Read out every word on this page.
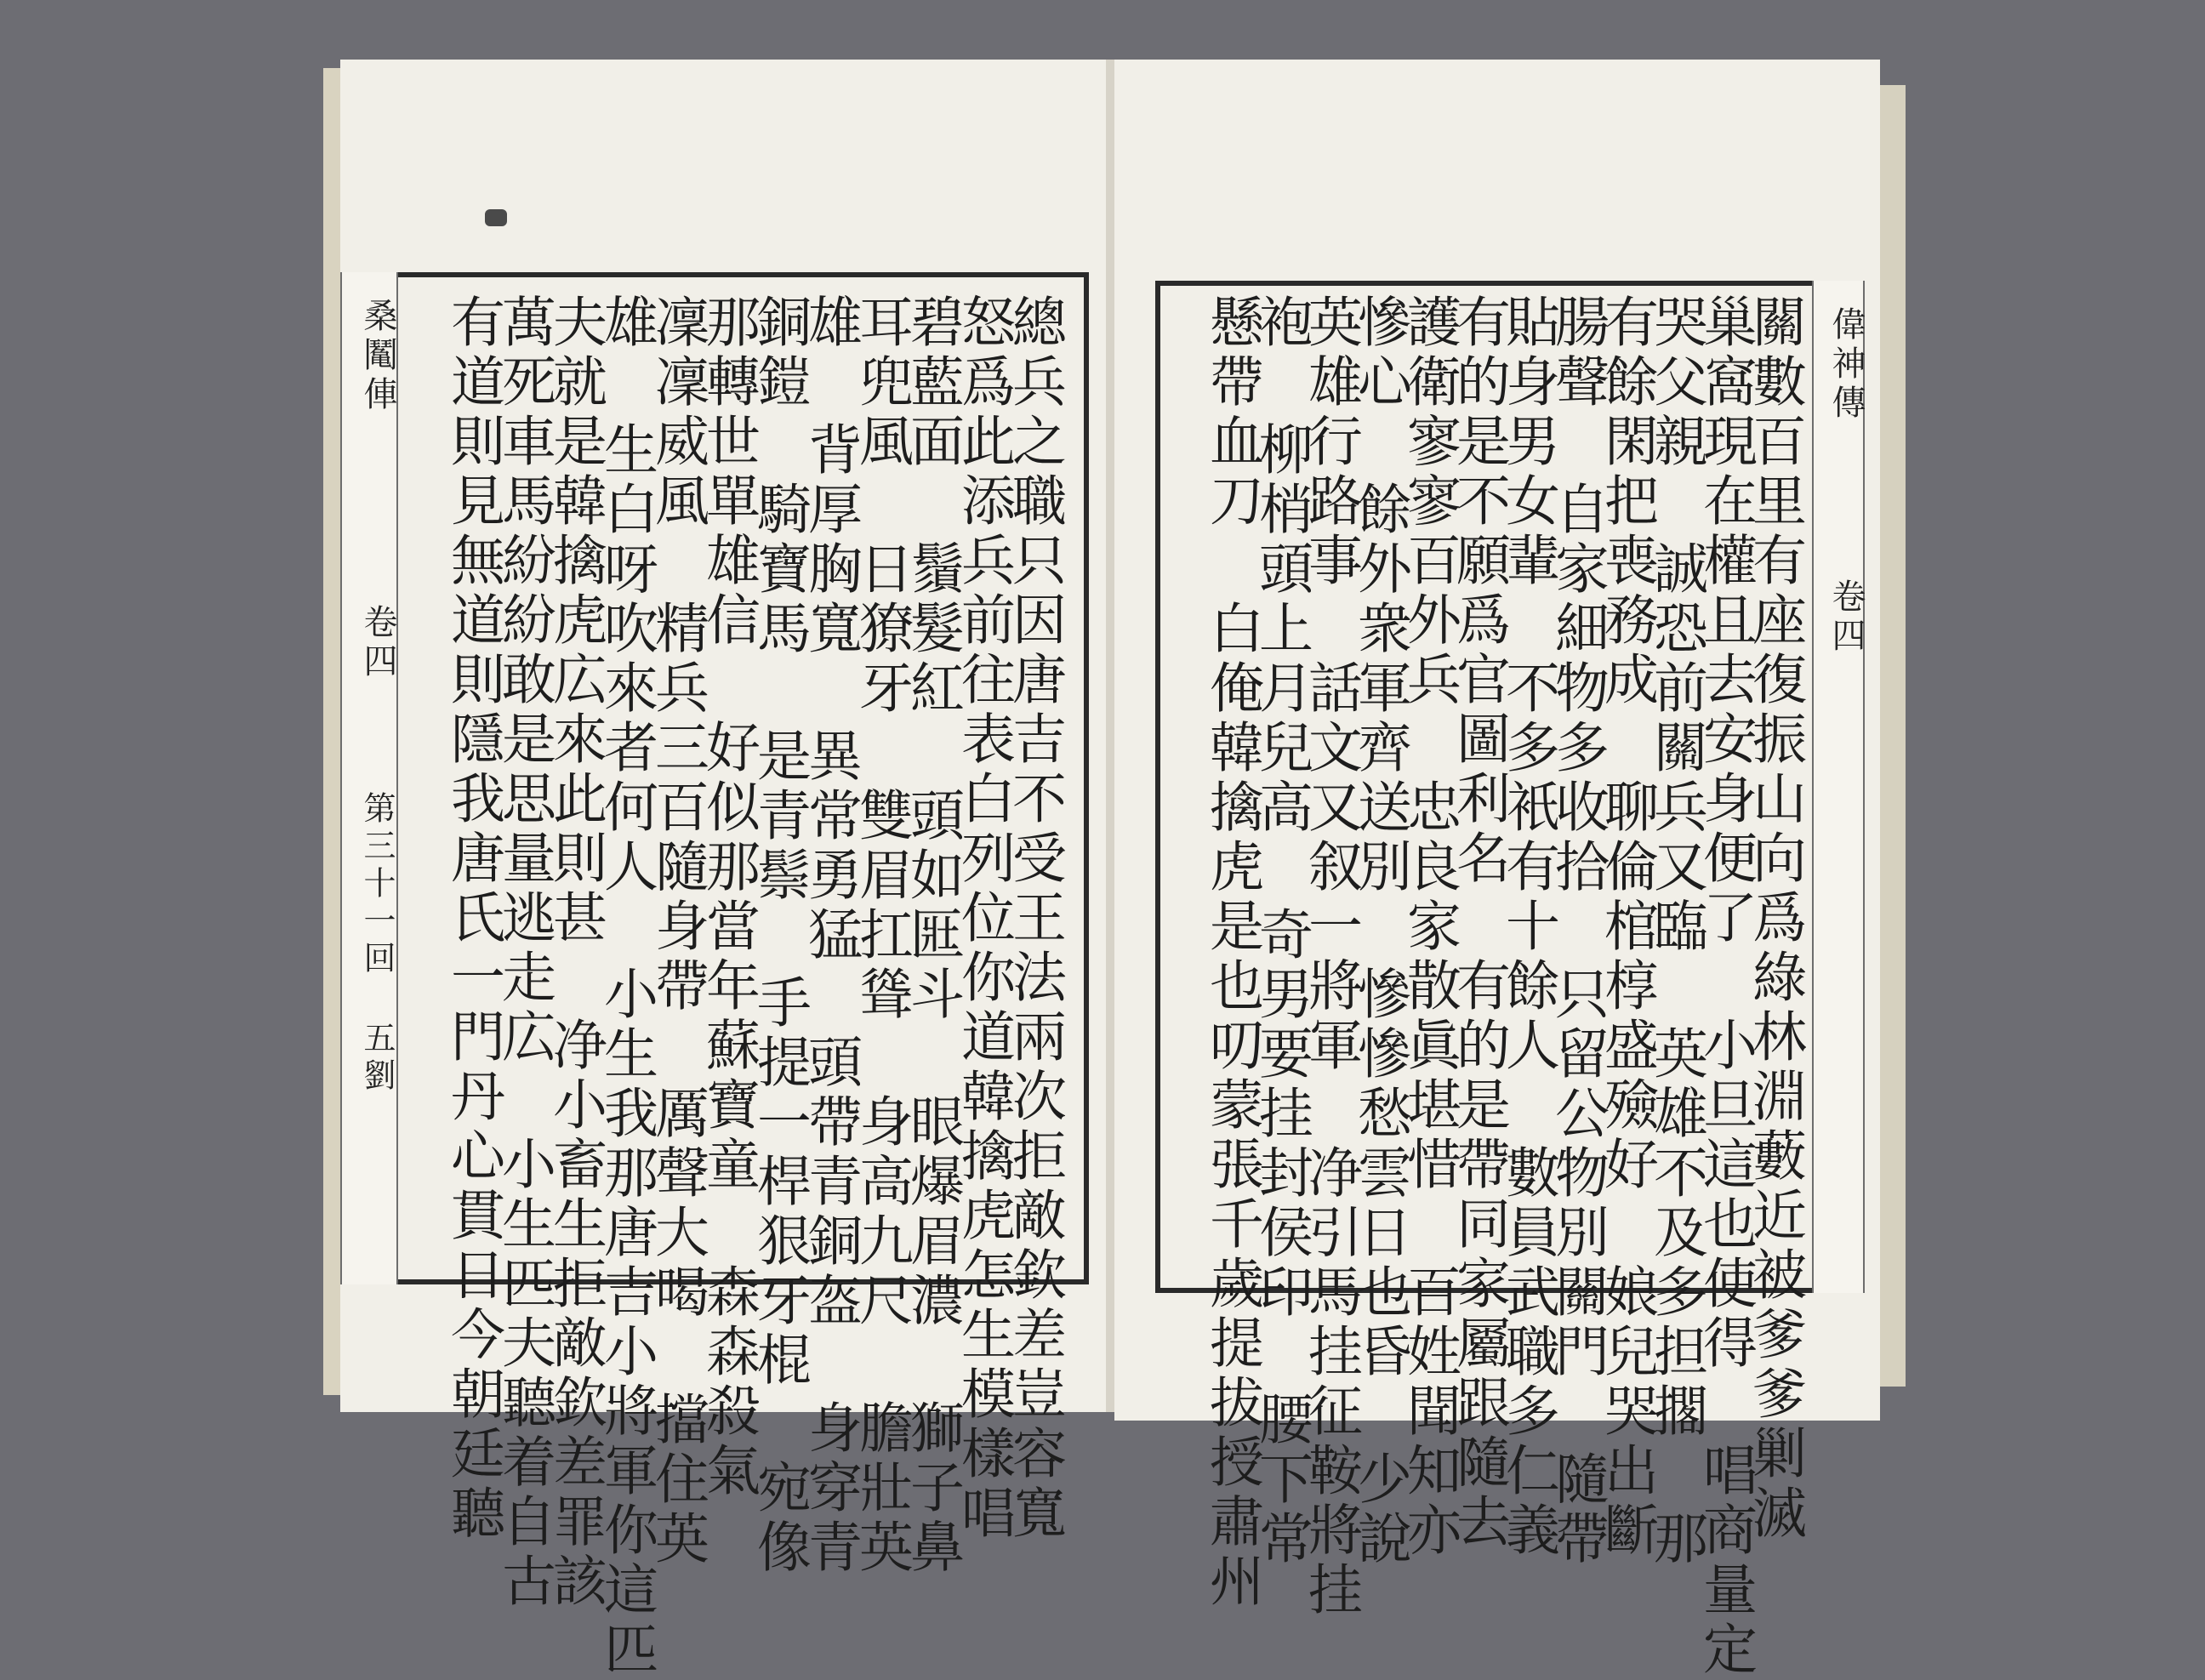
桑䰗俥
卷四
第三十一回 五劉	總兵之職只因唐吉不受王法兩次拒敵欽差豈容寬
怒爲此添兵前往表白列位你道韓擒虎怎生模樣唱
碧藍面 鬚髮紅 頭如匨斗 眼爆眉濃 獅子鼻
耳兜風 日獠牙 雙眉扛聳 身高九尺 膽壯英
雄 背厚胸寬 異常勇猛 頭帶青銅盔 身穿青
銅鎧 騎寶馬 是青鬃 手提一桿狠牙棍 宛像
那轉世單雄信 好似那當年蘇寶童 森森殺氣
凜凜威風 精兵三百隨身帶 厲聲大喝 擋住英
雄 生白呀吹來者何人 小生我那唐吉小將軍你這匹
夫就是韓擒虎広來此則甚 净小畜生拒敵欽差罪該
萬死車馬紛紛敢是思量逃走広 小生匹夫聽着自古
有道則見無道則隱我唐氏一門丹心貫日今朝廷聽	偉神傳
卷四
關數百里有座復振山向爲綠林淵藪近被爹爹剿滅
巢窩現在權且去安身便了 小旦這也使得 唱商量定
哭父親 誠恐前關兵又臨 英雄不及多担擱 那
有餘閑把喪務成 聊倫棺椁盛殮好 娘兒哭出斷
腸聲 自家細物多收拾 只留公物別關門 隨帶
貼身男女輩 不多衹有十餘人 數員武職多仁義
有的是不願爲官圖利名 有的是帶同家屬跟隨去
護衛寥寥百外兵 忠良家散眞堪惜 百姓聞知亦
慘心 餘外衆軍齊送別 慘慘愁雲日也昏 少說
英雄行路事 話文又叙一將軍 净引馬挂征鞍將挂
袍 柳梢頭上月兒高 奇男要挂封侯印 腰下常
懸帶血刀 白俺韓擒虎是也叨蒙張千歲提拔授肅州
